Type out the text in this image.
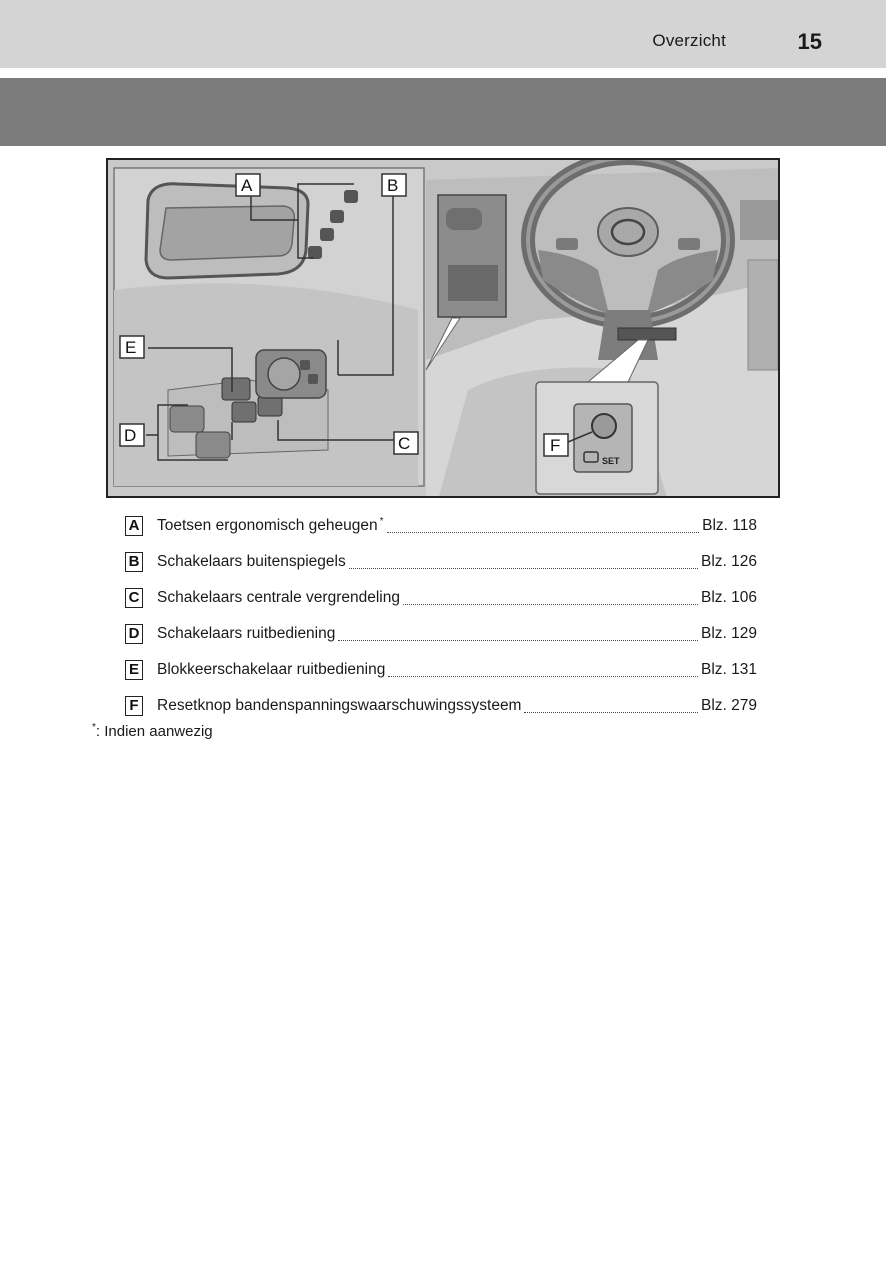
Overzicht	15
A	B
E
D	C
SET
F
A Toetsen ergonomisch geheugen *	Blz. 118
B Schakelaars buitenspiegels	Blz. 126
C Schakelaars centrale vergrendeling	Blz. 106
D Schakelaars ruitbediening	Blz. 129
E Blokkeerschakelaar ruitbediening	Blz. 131
F Resetknop bandenspanningswaarschuwingssysteem	Blz. 279
*: Indien aanwezig
